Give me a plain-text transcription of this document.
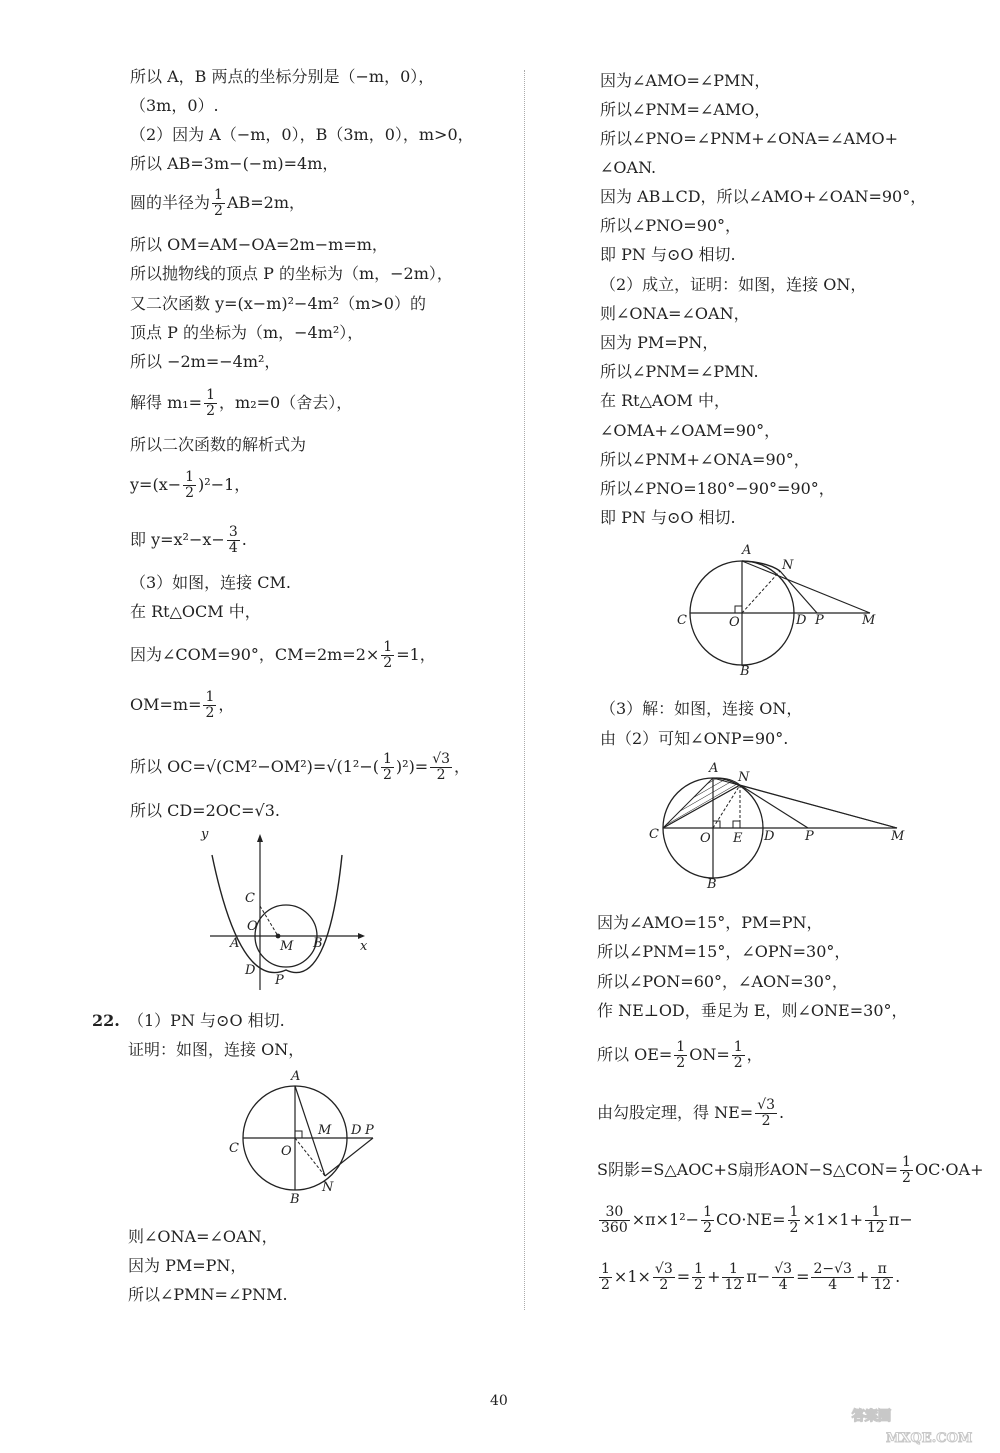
所以 A，B 两点的坐标分别是（−m，0），
（3m，0）.
（2）因为 A（−m，0），B（3m，0），m>0，
所以 AB=3m−(−m)=4m，
圆的半径为 $\frac{1}{2} AB=2m$，
所以 OM=AM−OA=2m−m=m，
所以抛物线的顶点 P 的坐标为（m，−2m），
又二次函数 y=(x−m)²−4m²（m>0）的
顶点 P 的坐标为（m，−4m²），
所以 −2m=−4m²，
解得 $m_1= \frac{1}{2}$ ，m₂=0（舍去），
所以二次函数的解析式为
$y=(x- \frac{1}{2} )^2-1$，
即 $y=x^2-x- \frac{3}{4}$ .
（3）如图，连接 CM.
在 Rt△OCM 中，
因为∠COM=90°，$CM=2m=2\times \frac{1}{2} =1$，
$OM=m= \frac{1}{2}$ ，
所以 $OC=√(CM^2-OM^2)=√(1^2-( \frac{1}{2} )^2)= \frac{√3}{2}$ ，
所以 CD=2OC=√3.
y
x
C
O
A	M B
D
P
22. （1）PN 与⊙O 相切.
证明：如图，连接 ON，
A
C	O
M D P
B
N
则∠ONA=∠OAN，
因为 PM=PN，
所以∠PMN=∠PNM.
因为∠AMO=∠PMN，
所以∠PNM=∠AMO，
所以∠PNO=∠PNM+∠ONA=∠AMO+
∠OAN.
因为 AB⊥CD，所以∠AMO+∠OAN=90°，
所以∠PNO=90°，
即 PN 与⊙O 相切.
（2）成立，证明：如图，连接 ON，
则∠ONA=∠OAN，
因为 PM=PN，
所以∠PNM=∠PMN.
在 Rt△AOM 中，
∠OMA+∠OAM=90°，
所以∠PNM+∠ONA=90°，
所以∠PNO=180°−90°=90°，
即 PN 与⊙O 相切.
A
N
C	O	D P	M
B
（3）解：如图，连接 ON，
由（2）可知∠ONP=90°.
A
N
C	O E D P	M
B
因为∠AMO=15°，PM=PN，
所以∠PNM=15°，∠OPN=30°，
所以∠PON=60°，∠AON=30°，
作 NE⊥OD，垂足为 E，则∠ONE=30°，
所以 $OE= \frac{1}{2} ON= \frac{1}{2}$ ，
由勾股定理，得 $NE= \frac{√3}{2}$ .
S阴影=S△AOC+S扇形AON−S△CON= $\frac{1}{2} OC\cdot OA+$
$\frac{30}{360} \times\pi\times 1^2- \frac{1}{2} CO\cdot NE= \frac{1}{2} \times 1\times 1+ \frac{1}{12} \pi-$
$\frac{1}{2} \times 1\times \frac{√3}{2} = \frac{1}{2} + \frac{1}{12} \pi- \frac{√3}{4} = \frac{2-√3}{4} + \frac{\pi}{12}$ .
40
答案圈
MXQE.COM
